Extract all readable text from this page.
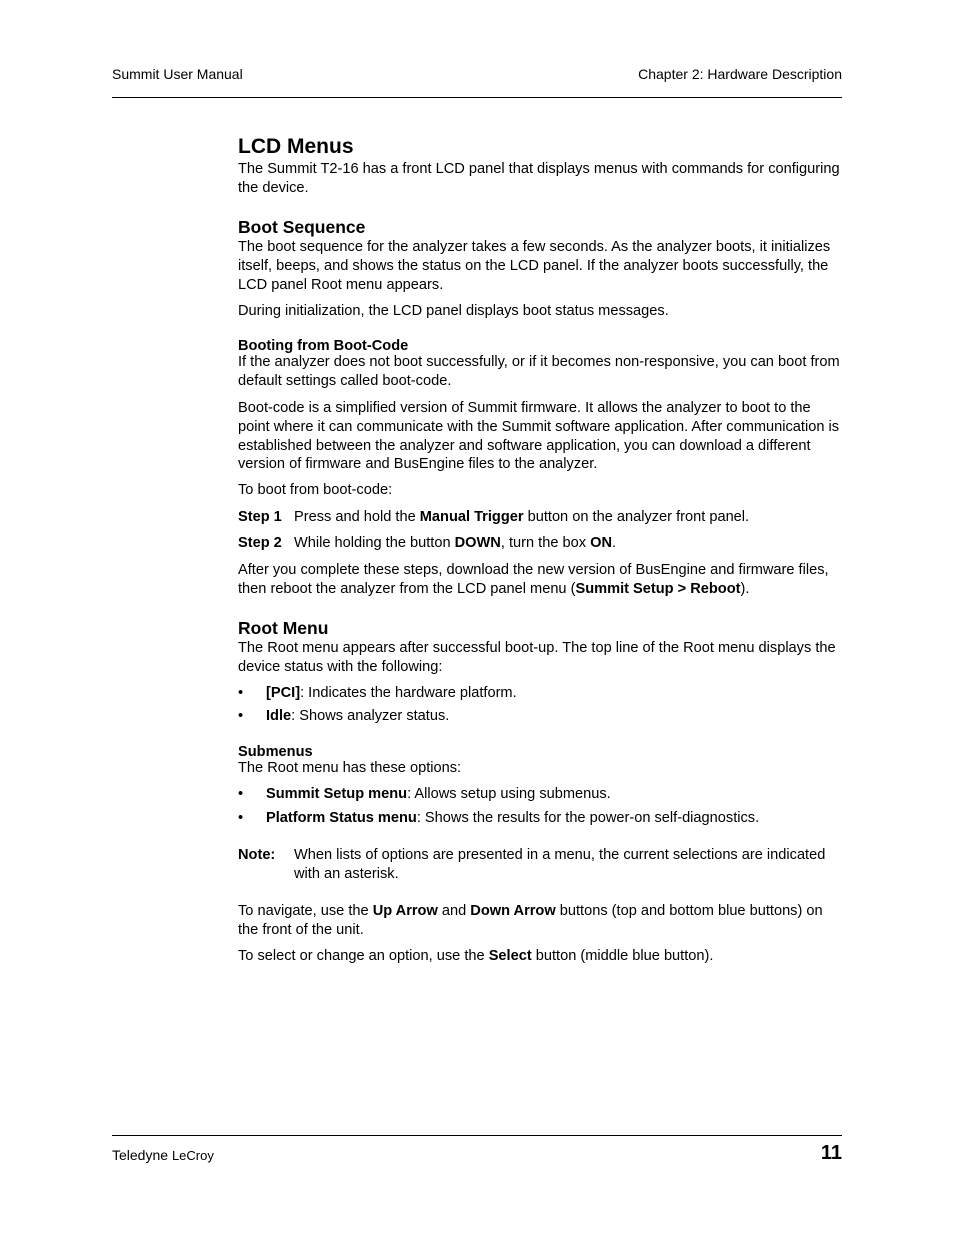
Summit User Manual	Chapter 2: Hardware Description
LCD Menus

The Summit T2-16 has a front LCD panel that displays menus with commands for configuring the device.

Boot Sequence

The boot sequence for the analyzer takes a few seconds. As the analyzer boots, it initializes itself, beeps, and shows the status on the LCD panel. If the analyzer boots successfully, the LCD panel Root menu appears.

During initialization, the LCD panel displays boot status messages.

Booting from Boot-Code

If the analyzer does not boot successfully, or if it becomes non-responsive, you can boot from default settings called boot-code.

Boot-code is a simplified version of Summit firmware. It allows the analyzer to boot to the point where it can communicate with the Summit software application. After communication is established between the analyzer and software application, you can download a different version of firmware and BusEngine files to the analyzer.

To boot from boot-code:

Step 1 Press and hold the Manual Trigger button on the analyzer front panel.
Step 2 While holding the button DOWN, turn the box ON.

After you complete these steps, download the new version of BusEngine and firmware files, then reboot the analyzer from the LCD panel menu (Summit Setup > Reboot).

Root Menu

The Root menu appears after successful boot-up. The top line of the Root menu displays the device status with the following:

• [PCI]: Indicates the hardware platform.
• Idle: Shows analyzer status.
Submenus

The Root menu has these options:

• Summit Setup menu: Allows setup using submenus.
• Platform Status menu: Shows the results for the power-on self-diagnostics.
Note:	When lists of options are presented in a menu, the current selections are indicated with an asterisk.

To navigate, use the Up Arrow and Down Arrow buttons (top and bottom blue buttons) on the front of the unit.

To select or change an option, use the Select button (middle blue button).

Teledyne LeCroy	11
